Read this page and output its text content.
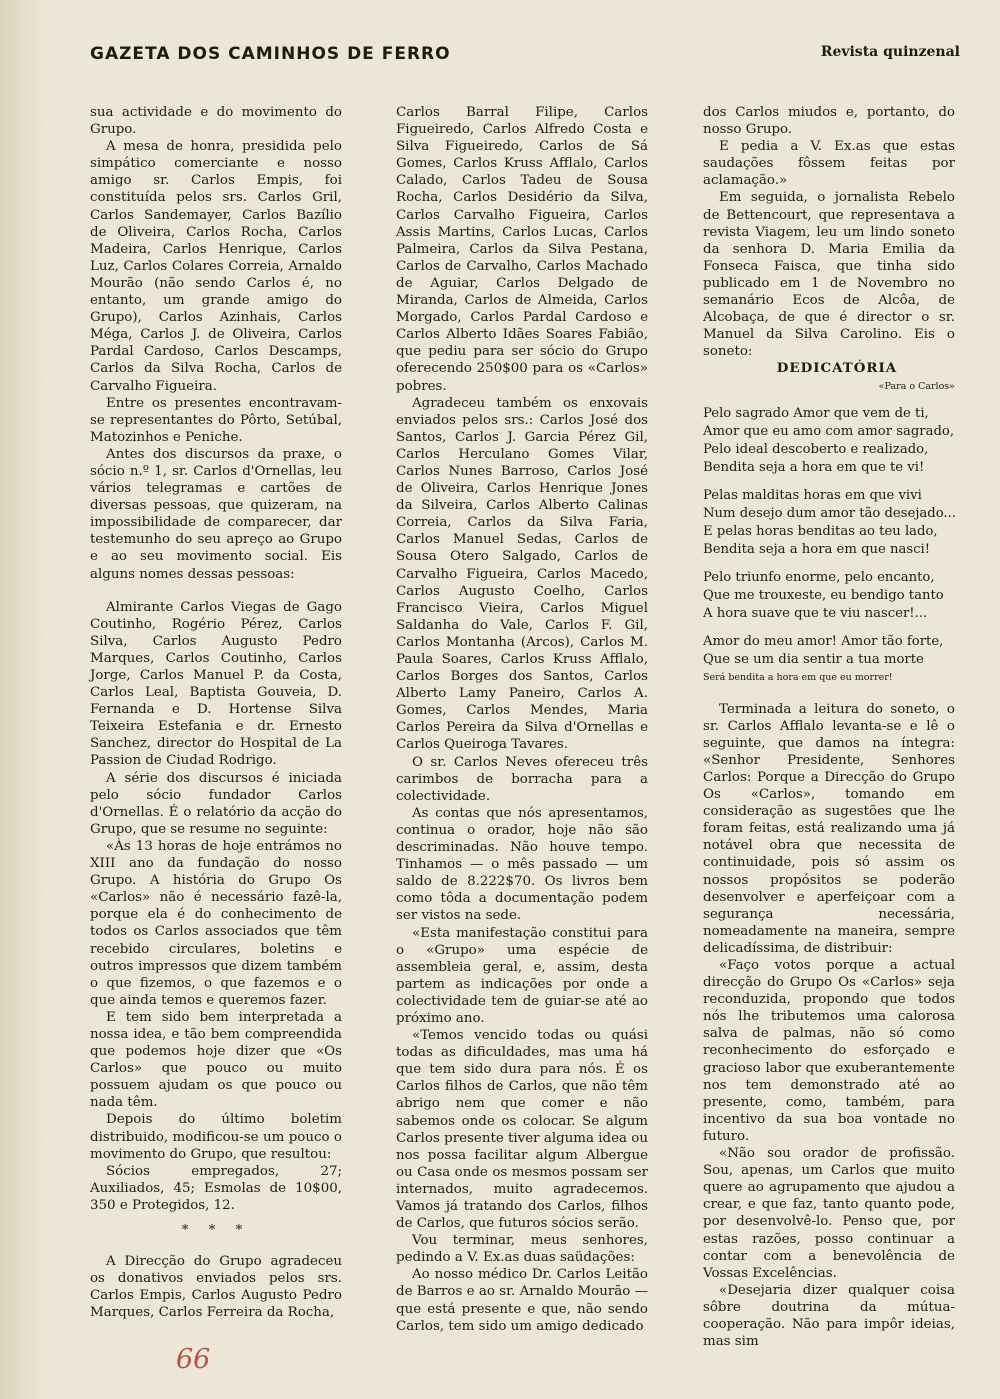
GAZETA DOS CAMINHOS DE FERRO	Revista quinzenal

sua actividade e do movimento do Grupo.

A mesa de honra, presidida pelo simpático comerciante e nosso amigo sr. Carlos Empis, foi constituída pelos srs. Carlos Gril, Carlos Sandemayer, Carlos Bazílio de Oliveira, Carlos Rocha, Carlos Madeira, Carlos Henrique, Carlos Luz, Carlos Colares Correia, Arnaldo Mourão (não sendo Carlos é, no entanto, um grande amigo do Grupo), Carlos Azinhais, Carlos Méga, Carlos J. de Oliveira, Carlos Pardal Cardoso, Carlos Descamps, Carlos da Silva Rocha, Carlos de Carvalho Figueira.

Entre os presentes encontravam-se representantes do Pôrto, Setúbal, Matozinhos e Peniche.

Antes dos discursos da praxe, o sócio n.º 1, sr. Carlos d'Ornellas, leu vários telegramas e cartões de diversas pessoas, que quizeram, na impossibilidade de comparecer, dar testemunho do seu apreço ao Grupo e ao seu movimento social. Eis alguns nomes dessas pessoas:

Almirante Carlos Viegas de Gago Coutinho, Rogério Pérez, Carlos Silva, Carlos Augusto Pedro Marques, Carlos Coutinho, Carlos Jorge, Carlos Manuel P. da Costa, Carlos Leal, Baptista Gouveia, D. Fernanda e D. Hortense Silva Teixeira Estefania e dr. Ernesto Sanchez, director do Hospital de La Passion de Ciudad Rodrigo.

A série dos discursos é iniciada pelo sócio fundador Carlos d'Ornellas. É o relatório da acção do Grupo, que se resume no seguinte:

«Às 13 horas de hoje entrámos no XIII ano da fundação do nosso Grupo. A história do Grupo Os «Carlos» não é necessário fazê-la, porque ela é do conhecimento de todos os Carlos associados que têm recebido circulares, boletins e outros impressos que dizem também o que fizemos, o que fazemos e o que ainda temos e queremos fazer.

E tem sido bem interpretada a nossa idea, e tão bem compreendida que podemos hoje dizer que «Os Carlos» que pouco ou muito possuem ajudam os que pouco ou nada têm.

Depois do último boletim distribuido, modificou-se um pouco o movimento do Grupo, que resultou:

Sócios empregados, 27; Auxiliados, 45; Esmolas de 10$00, 350 e Protegidos, 12.

* * *

A Direcção do Grupo agradeceu os donativos enviados pelos srs. Carlos Empis, Carlos Augusto Pedro Marques, Carlos Ferreira da Rocha,

Carlos Barral Filipe, Carlos Figueiredo, Carlos Alfredo Costa e Silva Figueiredo, Carlos de Sá Gomes, Carlos Kruss Afflalo, Carlos Calado, Carlos Tadeu de Sousa Rocha, Carlos Desidério da Silva, Carlos Carvalho Figueira, Carlos Assis Martins, Carlos Lucas, Carlos Palmeira, Carlos da Silva Pestana, Carlos de Carvalho, Carlos Machado de Aguiar, Carlos Delgado de Miranda, Carlos de Almeida, Carlos Morgado, Carlos Pardal Cardoso e Carlos Alberto Idães Soares Fabião, que pediu para ser sócio do Grupo oferecendo 250$00 para os «Carlos» pobres.

Agradeceu também os enxovais enviados pelos srs.: Carlos José dos Santos, Carlos J. Garcia Pérez Gil, Carlos Herculano Gomes Vilar, Carlos Nunes Barroso, Carlos José de Oliveira, Carlos Henrique Jones da Silveira, Carlos Alberto Calinas Correia, Carlos da Silva Faria, Carlos Manuel Sedas, Carlos de Sousa Otero Salgado, Carlos de Carvalho Figueira, Carlos Macedo, Carlos Augusto Coelho, Carlos Francisco Vieira, Carlos Miguel Saldanha do Vale, Carlos F. Gil, Carlos Montanha (Arcos), Carlos M. Paula Soares, Carlos Kruss Afflalo, Carlos Borges dos Santos, Carlos Alberto Lamy Paneiro, Carlos A. Gomes, Carlos Mendes, Maria Carlos Pereira da Silva d'Ornellas e Carlos Queiroga Tavares.

O sr. Carlos Neves ofereceu três carimbos de borracha para a colectividade.

As contas que nós apresentamos, continua o orador, hoje não são descriminadas. Não houve tempo. Tinhamos — o mês passado — um saldo de 8.222$70. Os livros bem como tôda a documentação podem ser vistos na sede.

«Esta manifestação constitui para o «Grupo» uma espécie de assembleia geral, e, assim, desta partem as indicações por onde a colectividade tem de guiar-se até ao próximo ano.

«Temos vencido todas ou quási todas as dificuldades, mas uma há que tem sido dura para nós. É os Carlos filhos de Carlos, que não têm abrigo nem que comer e não sabemos onde os colocar. Se algum Carlos presente tiver alguma idea ou nos possa facilitar algum Albergue ou Casa onde os mesmos possam ser internados, muito agradecemos. Vamos já tratando dos Carlos, filhos de Carlos, que futuros sócios serão.

Vou terminar, meus senhores, pedindo a V. Ex.as duas saüdações:

Ao nosso médico Dr. Carlos Leitão de Barros e ao sr. Arnaldo Mourão — que está presente e que, não sendo Carlos, tem sido um amigo dedicado

dos Carlos miudos e, portanto, do nosso Grupo.

E pedia a V. Ex.as que estas saudações fôssem feitas por aclamação.»

Em seguida, o jornalista Rebelo de Bettencourt, que representava a revista Viagem, leu um lindo soneto da senhora D. Maria Emilia da Fonseca Faisca, que tinha sido publicado em 1 de Novembro no semanário Ecos de Alcôa, de Alcobaça, de que é director o sr. Manuel da Silva Carolino. Eis o soneto:

DEDICATÓRIA

«Para o Carlos»

Pelo sagrado Amor que vem de ti,
Amor que eu amo com amor sagrado,
Pelo ideal descoberto e realizado,
Bendita seja a hora em que te vi!
Pelas malditas horas em que vivi
Num desejo dum amor tão desejado...
E pelas horas benditas ao teu lado,
Bendita seja a hora em que nasci!
Pelo triunfo enorme, pelo encanto,
Que me trouxeste, eu bendigo tanto
A hora suave que te viu nascer!...
Amor do meu amor! Amor tão forte,
Que se um dia sentir a tua morte
Será bendita a hora em que eu morrer!

Terminada a leitura do soneto, o sr. Carlos Afflalo levanta-se e lê o seguinte, que damos na íntegra: «Senhor Presidente, Senhores Carlos: Porque a Direcção do Grupo Os «Carlos», tomando em consideração as sugestões que lhe foram feitas, está realizando uma já notável obra que necessita de continuidade, pois só assim os nossos propósitos se poderão desenvolver e aperfeiçoar com a segurança necessária, nomeadamente na maneira, sempre delicadíssima, de distribuir:

«Faço votos porque a actual direcção do Grupo Os «Carlos» seja reconduzida, propondo que todos nós lhe tributemos uma calorosa salva de palmas, não só como reconhecimento do esforçado e gracioso labor que exuberantemente nos tem demonstrado até ao presente, como, também, para incentivo da sua boa vontade no futuro.

«Não sou orador de profissão. Sou, apenas, um Carlos que muito quere ao agrupamento que ajudou a crear, e que faz, tanto quanto pode, por desenvolvê-lo. Penso que, por estas razões, posso continuar a contar com a benevolência de Vossas Excelências.

«Desejaria dizer qualquer coisa sôbre doutrina da mútua-cooperação. Não para impôr ideias, mas sim

66
